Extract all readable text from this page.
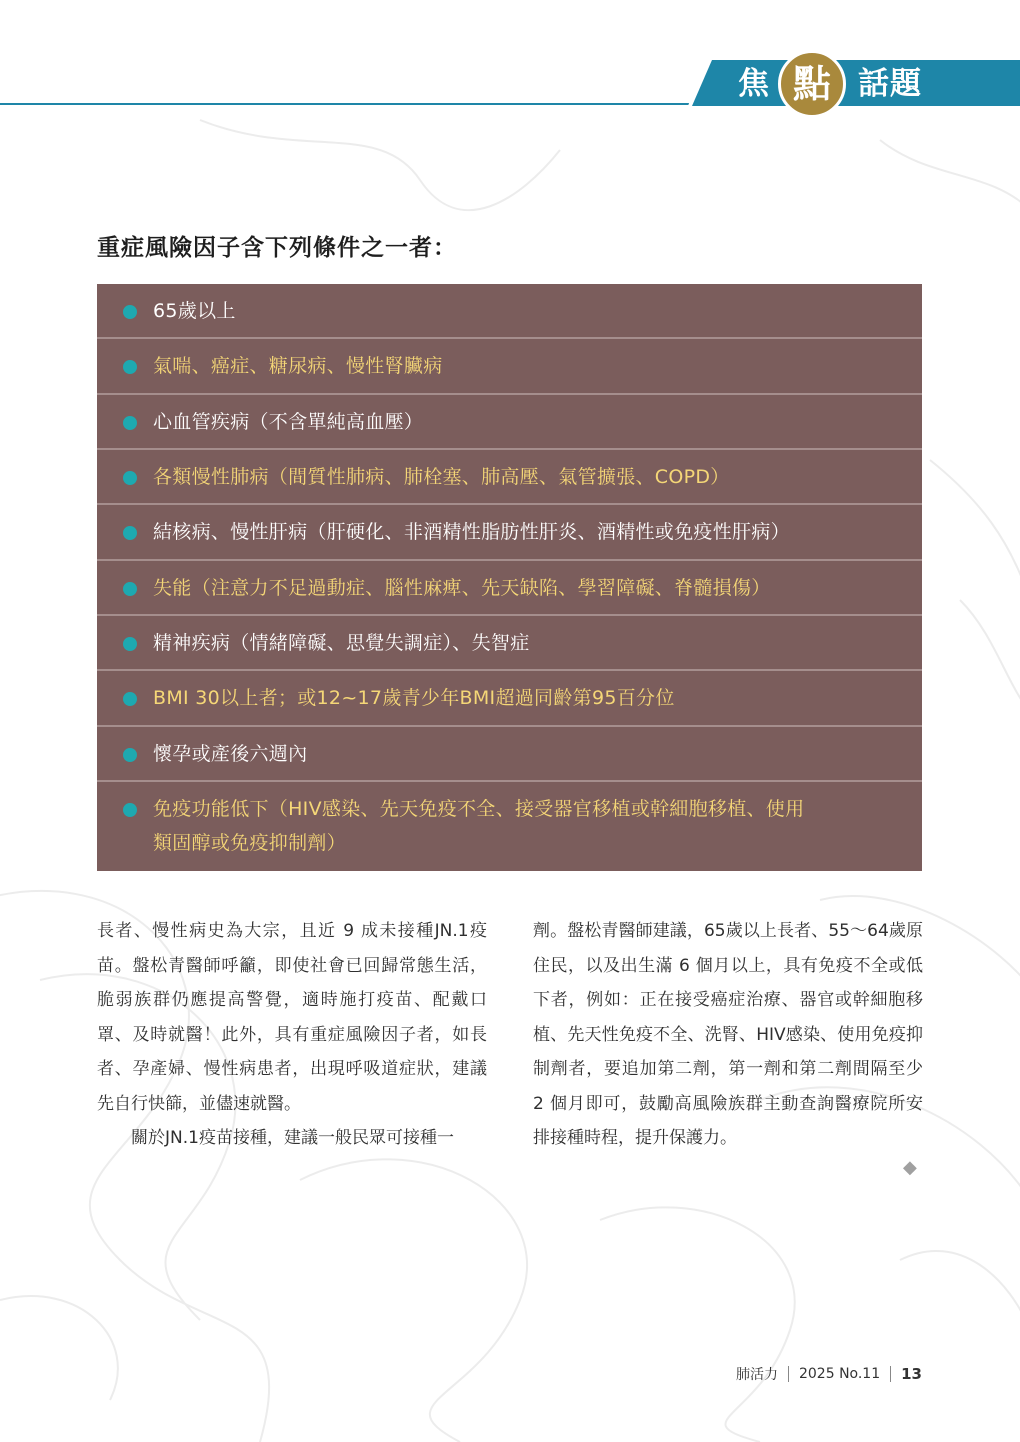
焦 點 話 題
重症風險因子含下列條件之一者：
65歲以上
氣喘、癌症、糖尿病、慢性腎臟病
心血管疾病（不含單純高血壓）
各類慢性肺病（間質性肺病、肺栓塞、肺高壓、氣管擴張、COPD）
結核病、慢性肝病（肝硬化、非酒精性脂肪性肝炎、酒精性或免疫性肝病）
失能（注意力不足過動症、腦性麻痺、先天缺陷、學習障礙、脊髓損傷）
精神疾病（情緒障礙、思覺失調症）、失智症
BMI 30以上者；或12~17歲青少年BMI超過同齡第95百分位
懷孕或產後六週內
免疫功能低下（HIV感染、先天免疫不全、接受器官移植或幹細胞移植、使用
類固醇或免疫抑制劑）

長者、慢性病史為大宗，且近 9 成未接種JN.1疫苗。盤松青醫師呼籲，即使社會已回歸常態生活，脆弱族群仍應提高警覺，適時施打疫苗、配戴口罩、及時就醫！此外，具有重症風險因子者，如長者、孕產婦、慢性病患者，出現呼吸道症狀，建議先自行快篩，並儘速就醫。

關於JN.1疫苗接種，建議一般民眾可接種一

劑。盤松青醫師建議，65歲以上長者、55～64歲原住民，以及出生滿 6 個月以上，具有免疫不全或低下者，例如：正在接受癌症治療、器官或幹細胞移植、先天性免疫不全、洗腎、HIV感染、使用免疫抑制劑者，要追加第二劑，第一劑和第二劑間隔至少 2 個月即可，鼓勵高風險族群主動查詢醫療院所安排接種時程，提升保護力。

◆
肺活力 2025 No.11 13
